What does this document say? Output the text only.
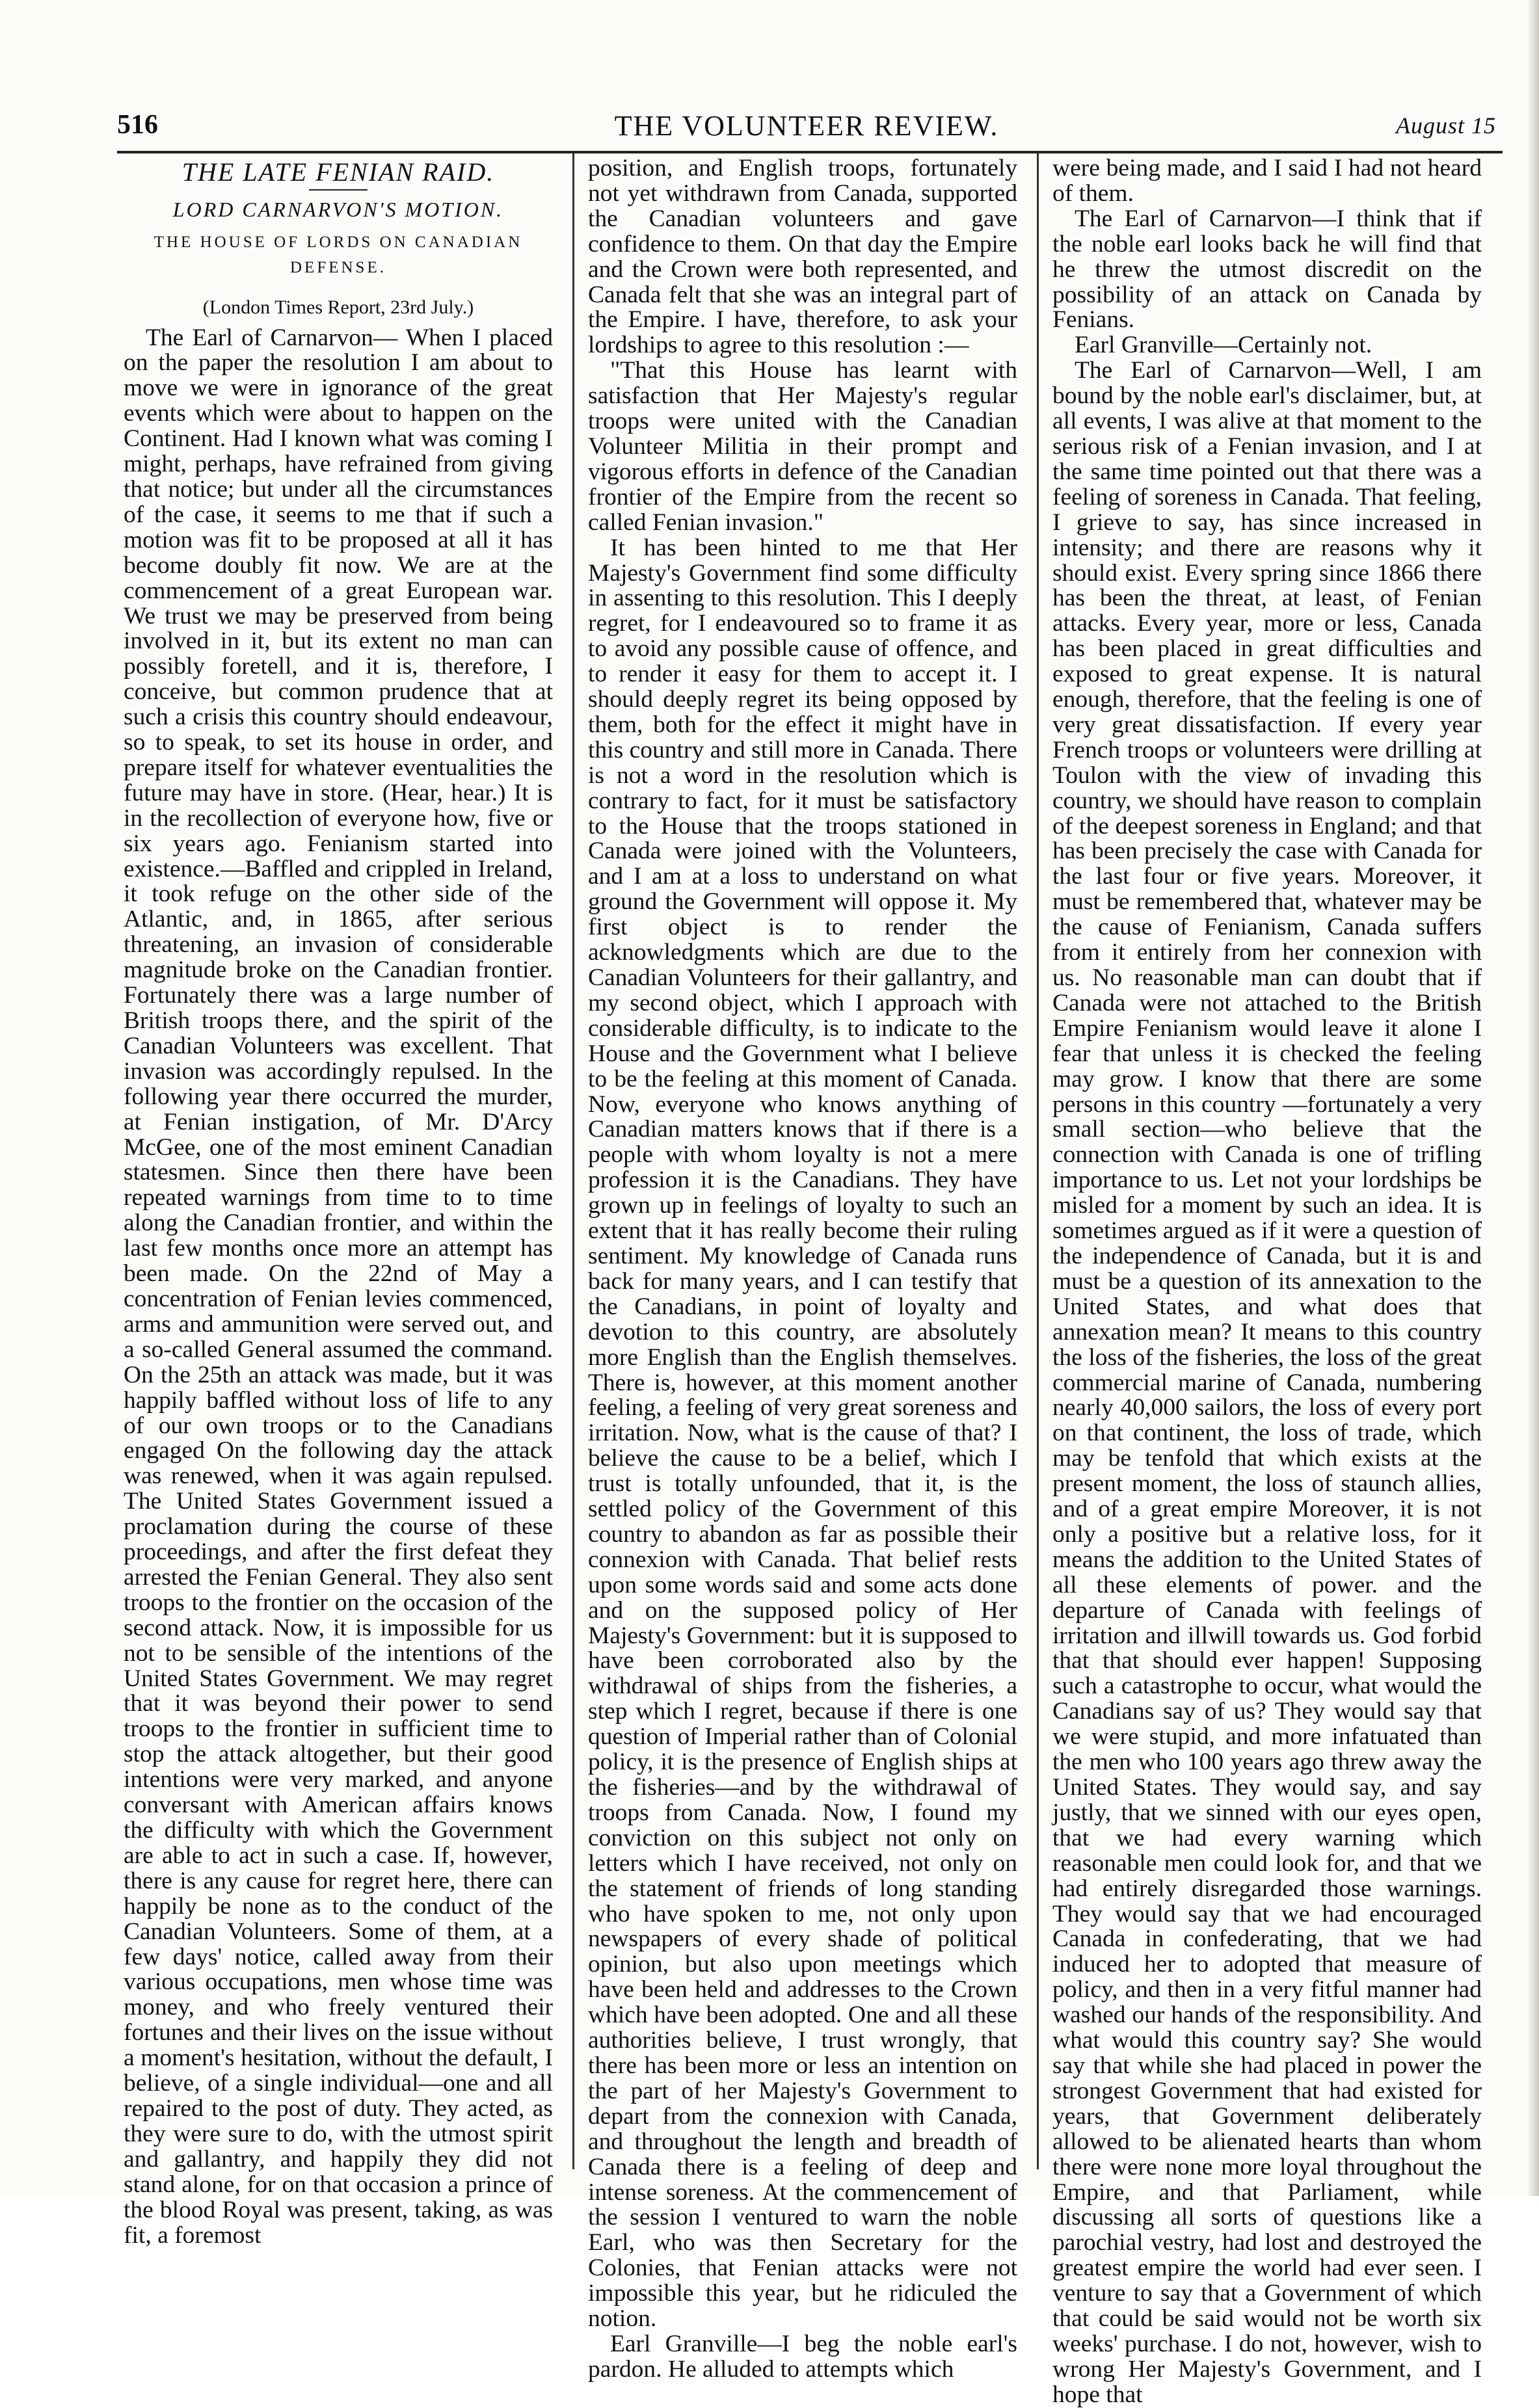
516	THE VOLUNTEER REVIEW.	August 15
THE LATE FENIAN RAID.
LORD CARNARVON'S MOTION.
THE HOUSE OF LORDS ON CANADIAN DEFENSE.
(London Times Report, 23rd July.)

The Earl of Carnarvon— When I placed on the paper the resolution I am about to move we were in ignorance of the great events which were about to happen on the Continent. Had I known what was coming I might, perhaps, have refrained from giving that notice; but under all the circumstances of the case, it seems to me that if such a motion was fit to be proposed at all it has become doubly fit now. We are at the commencement of a great European war. We trust we may be preserved from being involved in it, but its extent no man can possibly foretell, and it is, therefore, I conceive, but common prudence that at such a crisis this country should endeavour, so to speak, to set its house in order, and prepare itself for whatever eventualities the future may have in store. (Hear, hear.) It is in the recollection of everyone how, five or six years ago. Fenianism started into existence.—Baffled and crippled in Ireland, it took refuge on the other side of the Atlantic, and, in 1865, after serious threatening, an invasion of considerable magnitude broke on the Canadian frontier. Fortunately there was a large number of British troops there, and the spirit of the Canadian Volunteers was excellent. That invasion was accordingly repulsed. In the following year there occurred the murder, at Fenian instigation, of Mr. D'Arcy McGee, one of the most eminent Canadian statesmen. Since then there have been repeated warnings from time to to time along the Canadian frontier, and within the last few months once more an attempt has been made. On the 22nd of May a concentration of Fenian levies commenced, arms and ammunition were served out, and a so-called General assumed the command. On the 25th an attack was made, but it was happily baffled without loss of life to any of our own troops or to the Canadians engaged On the following day the attack was renewed, when it was again repulsed. The United States Government issued a proclamation during the course of these proceedings, and after the first defeat they arrested the Fenian General. They also sent troops to the frontier on the occasion of the second attack. Now, it is impossible for us not to be sensible of the intentions of the United States Government. We may regret that it was beyond their power to send troops to the frontier in sufficient time to stop the attack altogether, but their good intentions were very marked, and anyone conversant with American affairs knows the difficulty with which the Government are able to act in such a case. If, however, there is any cause for regret here, there can happily be none as to the conduct of the Canadian Volunteers. Some of them, at a few days' notice, called away from their various occupations, men whose time was money, and who freely ventured their fortunes and their lives on the issue without a moment's hesitation, without the default, I believe, of a single individual—one and all repaired to the post of duty. They acted, as they were sure to do, with the utmost spirit and gallantry, and happily they did not stand alone, for on that occasion a prince of the blood Royal was present, taking, as was fit, a foremost

position, and English troops, fortunately not yet withdrawn from Canada, supported the Canadian volunteers and gave confidence to them. On that day the Empire and the Crown were both represented, and Canada felt that she was an integral part of the Empire. I have, therefore, to ask your lordships to agree to this resolution :—

"That this House has learnt with satisfaction that Her Majesty's regular troops were united with the Canadian Volunteer Militia in their prompt and vigorous efforts in defence of the Canadian frontier of the Empire from the recent so called Fenian invasion."

It has been hinted to me that Her Majesty's Government find some difficulty in assenting to this resolution. This I deeply regret, for I endeavoured so to frame it as to avoid any possible cause of offence, and to render it easy for them to accept it. I should deeply regret its being opposed by them, both for the effect it might have in this country and still more in Canada. There is not a word in the resolution which is contrary to fact, for it must be satisfactory to the House that the troops stationed in Canada were joined with the Volunteers, and I am at a loss to understand on what ground the Government will oppose it. My first object is to render the acknowledgments which are due to the Canadian Volunteers for their gallantry, and my second object, which I approach with considerable difficulty, is to indicate to the House and the Government what I believe to be the feeling at this moment of Canada. Now, everyone who knows anything of Canadian matters knows that if there is a people with whom loyalty is not a mere profession it is the Canadians. They have grown up in feelings of loyalty to such an extent that it has really become their ruling sentiment. My knowledge of Canada runs back for many years, and I can testify that the Canadians, in point of loyalty and devotion to this country, are absolutely more English than the English themselves. There is, however, at this moment another feeling, a feeling of very great soreness and irritation. Now, what is the cause of that? I believe the cause to be a belief, which I trust is totally unfounded, that it, is the settled policy of the Government of this country to abandon as far as possible their connexion with Canada. That belief rests upon some words said and some acts done and on the supposed policy of Her Majesty's Government: but it is supposed to have been corroborated also by the withdrawal of ships from the fisheries, a step which I regret, because if there is one question of Imperial rather than of Colonial policy, it is the presence of English ships at the fisheries—and by the withdrawal of troops from Canada. Now, I found my conviction on this subject not only on letters which I have received, not only on the statement of friends of long standing who have spoken to me, not only upon newspapers of every shade of political opinion, but also upon meetings which have been held and addresses to the Crown which have been adopted. One and all these authorities believe, I trust wrongly, that there has been more or less an intention on the part of her Majesty's Government to depart from the connexion with Canada, and throughout the length and breadth of Canada there is a feeling of deep and intense soreness. At the commencement of the session I ventured to warn the noble Earl, who was then Secretary for the Colonies, that Fenian attacks were not impossible this year, but he ridiculed the notion.

Earl Granville—I beg the noble earl's pardon. He alluded to attempts which

were being made, and I said I had not heard of them.

The Earl of Carnarvon—I think that if the noble earl looks back he will find that he threw the utmost discredit on the possibility of an attack on Canada by Fenians.

Earl Granville—Certainly not.

The Earl of Carnarvon—Well, I am bound by the noble earl's disclaimer, but, at all events, I was alive at that moment to the serious risk of a Fenian invasion, and I at the same time pointed out that there was a feeling of soreness in Canada. That feeling, I grieve to say, has since increased in intensity; and there are reasons why it should exist. Every spring since 1866 there has been the threat, at least, of Fenian attacks. Every year, more or less, Canada has been placed in great difficulties and exposed to great expense. It is natural enough, therefore, that the feeling is one of very great dissatisfaction. If every year French troops or volunteers were drilling at Toulon with the view of invading this country, we should have reason to complain of the deepest soreness in England; and that has been precisely the case with Canada for the last four or five years. Moreover, it must be remembered that, whatever may be the cause of Fenianism, Canada suffers from it entirely from her connexion with us. No reasonable man can doubt that if Canada were not attached to the British Empire Fenianism would leave it alone I fear that unless it is checked the feeling may grow. I know that there are some persons in this country —fortunately a very small section—who believe that the connection with Canada is one of trifling importance to us. Let not your lordships be misled for a moment by such an idea. It is sometimes argued as if it were a question of the independence of Canada, but it is and must be a question of its annexation to the United States, and what does that annexation mean? It means to this country the loss of the fisheries, the loss of the great commercial marine of Canada, numbering nearly 40,000 sailors, the loss of every port on that continent, the loss of trade, which may be tenfold that which exists at the present moment, the loss of staunch allies, and of a great empire Moreover, it is not only a positive but a relative loss, for it means the addition to the United States of all these elements of power. and the departure of Canada with feelings of irritation and illwill towards us. God forbid that that should ever happen! Supposing such a catastrophe to occur, what would the Canadians say of us? They would say that we were stupid, and more infatuated than the men who 100 years ago threw away the United States. They would say, and say justly, that we sinned with our eyes open, that we had every warning which reasonable men could look for, and that we had entirely disregarded those warnings. They would say that we had encouraged Canada in confederating, that we had induced her to adopted that measure of policy, and then in a very fitful manner had washed our hands of the responsibility. And what would this country say? She would say that while she had placed in power the strongest Government that had existed for years, that Government deliberately allowed to be alienated hearts than whom there were none more loyal throughout the Empire, and that Parliament, while discussing all sorts of questions like a parochial vestry, had lost and destroyed the greatest empire the world had ever seen. I venture to say that a Government of which that could be said would not be worth six weeks' purchase. I do not, however, wish to wrong Her Majesty's Government, and I hope that
